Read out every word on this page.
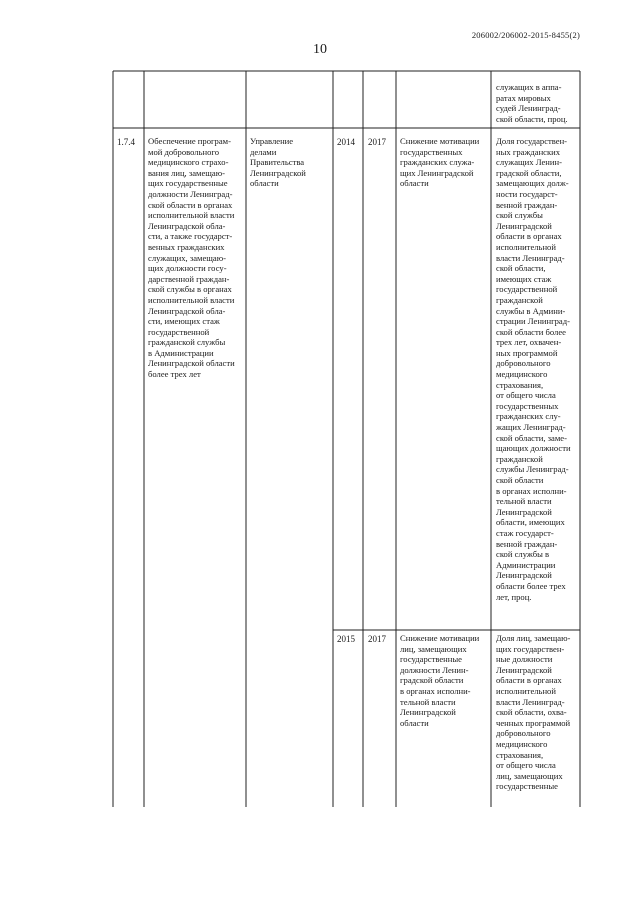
206002/206002-2015-8455(2)
10
служащих в аппа-
ратах мировых
судей Ленинград-
ской области, проц.
1.7.4 Обеспечение програм-
мой добровольного
медицинского страхо-
вания лиц, замещаю-
щих государственные
должности Ленинград-
ской области в органах
исполнительной власти
Ленинградской обла-
сти, а также государст-
венных гражданских
служащих, замещаю-
щих должности госу-
дарственной граждан-
ской службы в органах
исполнительной власти
Ленинградской обла-
сти, имеющих стаж
государственной
гражданской службы
в Администрации
Ленинградской области
более трех лет
Управление
делами
Правительства
Ленинградской
области
2014 2017 Снижение мотивации
государственных
гражданских служа-
щих Ленинградской
области
Доля государствен-
ных гражданских
служащих Ленин-
градской области,
замещающих долж-
ности государст-
венной граждан-
ской службы
Ленинградской
области в органах
исполнительной
власти Ленинград-
ской области,
имеющих стаж
государственной
гражданской
службы в Админи-
страции Ленинград-
ской области более
трех лет, охвачен-
ных программой
добровольного
медицинского
страхования,
от общего числа
государственных
гражданских слу-
жащих Ленинград-
ской области, заме-
щающих должности
гражданской
службы Ленинград-
ской области
в органах исполни-
тельной власти
Ленинградской
области, имеющих
стаж государст-
венной граждан-
ской службы в
Администрации
Ленинградской
области более трех
лет, проц.
2015 2017 Снижение мотивации
лиц, замещающих
государственные
должности Ленин-
градской области
в органах исполни-
тельной власти
Ленинградской
области
Доля лиц, замещаю-
щих государствен-
ные должности
Ленинградской
области в органах
исполнительной
власти Ленинград-
ской области, охва-
ченных программой
добровольного
медицинского
страхования,
от общего числа
лиц, замещающих
государственные
